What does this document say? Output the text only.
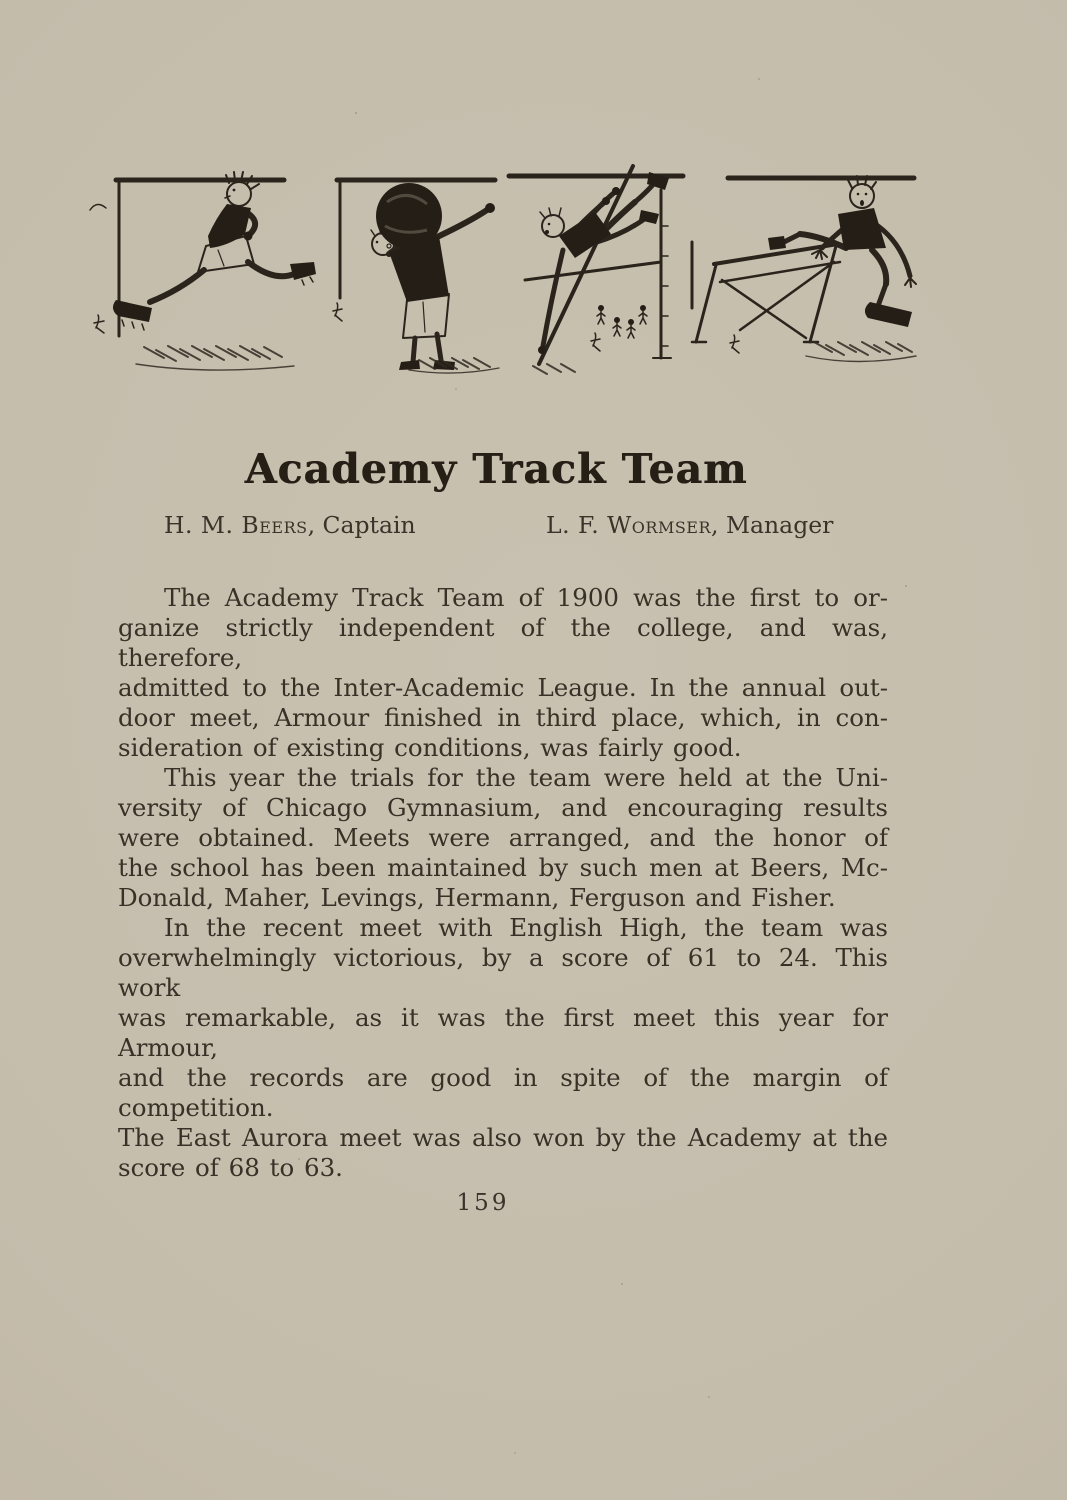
Academy Track Team
H. M. Beers, Captain	L. F. Wormser, Manager

The Academy Track Team of 1900 was the first to or-
ganize strictly independent of the college, and was, therefore,
admitted to the Inter-Academic League. In the annual out-
door meet, Armour finished in third place, which, in con-
sideration of existing conditions, was fairly good.

This year the trials for the team were held at the Uni-
versity of Chicago Gymnasium, and encouraging results
were obtained. Meets were arranged, and the honor of
the school has been maintained by such men at Beers, Mc-
Donald, Maher, Levings, Hermann, Ferguson and Fisher.

In the recent meet with English High, the team was
overwhelmingly victorious, by a score of 61 to 24. This work
was remarkable, as it was the first meet this year for Armour,
and the records are good in spite of the margin of competition.
The East Aurora meet was also won by the Academy at the
score of 68 to 63.

159
